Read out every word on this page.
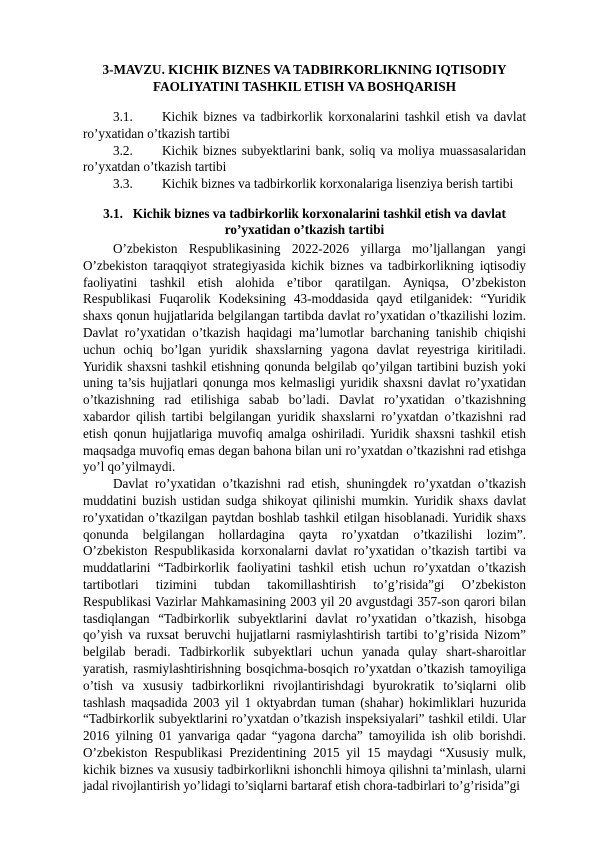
3-MAVZU. KICHIK BIZNES VA TADBIRKORLIKNING IQTISODIY
FAOLIYATINI TASHKIL ETISH VA BOSHQARISH

3.1. Kichik biznes va tadbirkorlik korxonalarini tashkil etish va davlat ro’yxatidan o’tkazish tartibi

3.2. Kichik biznes subyektlarini bank, soliq va moliya muassasalaridan ro’yxatdan o’tkazish tartibi

3.3. Kichik biznes va tadbirkorlik korxonalariga lisenziya berish tartibi

3.1. Kichik biznes va tadbirkorlik korxonalarini tashkil etish va davlat
ro’yxatidan o’tkazish tartibi

O’zbekiston Respublikasining 2022-2026 yillarga mo’ljallangan yangi O’zbekiston taraqqiyot strategiyasida kichik biznes va tadbirkorlikning iqtisodiy faoliyatini tashkil etish alohida e’tibor qaratilgan. Ayniqsa, O’zbekiston Respublikasi Fuqarolik Kodeksining 43-moddasida qayd etilganidek: “Yuridik shaxs qonun hujjatlarida belgilangan tartibda davlat ro’yxatidan o’tkazilishi lozim. Davlat ro’yxatidan o’tkazish haqidagi ma’lumotlar barchaning tanishib chiqishi uchun ochiq bo’lgan yuridik shaxslarning yagona davlat reyestriga kiritiladi. Yuridik shaxsni tashkil etishning qonunda belgilab qo’yilgan tartibini buzish yoki uning ta’sis hujjatlari qonunga mos kelmasligi yuridik shaxsni davlat ro’yxatidan o’tkazishning rad etilishiga sabab bo’ladi. Davlat ro’yxatidan o’tkazishning xabardor qilish tartibi belgilangan yuridik shaxslarni ro’yxatdan o’tkazishni rad etish qonun hujjatlariga muvofiq amalga oshiriladi. Yuridik shaxsni tashkil etish maqsadga muvofiq emas degan bahona bilan uni ro’yxatdan o’tkazishni rad etishga yo’l qo’yilmaydi.

Davlat ro’yxatidan o’tkazishni rad etish, shuningdek ro’yxatdan o’tkazish muddatini buzish ustidan sudga shikoyat qilinishi mumkin. Yuridik shaxs davlat ro’yxatidan o’tkazilgan paytdan boshlab tashkil etilgan hisoblanadi. Yuridik shaxs qonunda belgilangan hollardagina qayta ro’yxatdan o’tkazilishi lozim”. O’zbekiston Respublikasida korxonalarni davlat ro’yxatidan o’tkazish tartibi va muddatlarini “Tadbirkorlik faoliyatini tashkil etish uchun ro’yxatdan o’tkazish tartibotlari tizimini tubdan takomillashtirish to’g’risida”gi O’zbekiston Respublikasi Vazirlar Mahkamasining 2003 yil 20 avgustdagi 357-son qarori bilan tasdiqlangan “Tadbirkorlik subyektlarini davlat ro’yxatidan o’tkazish, hisobga qo’yish va ruxsat beruvchi hujjatlarni rasmiylashtirish tartibi to’g’risida Nizom” belgilab beradi. Tadbirkorlik subyektlari uchun yanada qulay shart-sharoitlar yaratish, rasmiylashtirishning bosqichma-bosqich ro’yxatdan o’tkazish tamoyiliga o’tish va xususiy tadbirkorlikni rivojlantirishdagi byurokratik to’siqlarni olib tashlash maqsadida 2003 yil 1 oktyabrdan tuman (shahar) hokimliklari huzurida “Tadbirkorlik subyektlarini ro’yxatdan o’tkazish inspeksiyalari” tashkil etildi. Ular 2016 yilning 01 yanvariga qadar “yagona darcha” tamoyilida ish olib borishdi. O’zbekiston Respublikasi Prezidentining 2015 yil 15 maydagi “Xususiy mulk, kichik biznes va xususiy tadbirkorlikni ishonchli himoya qilishni ta’minlash, ularni jadal rivojlantirish yo’lidagi to’siqlarni bartaraf etish chora-tadbirlari to’g’risida”gi
